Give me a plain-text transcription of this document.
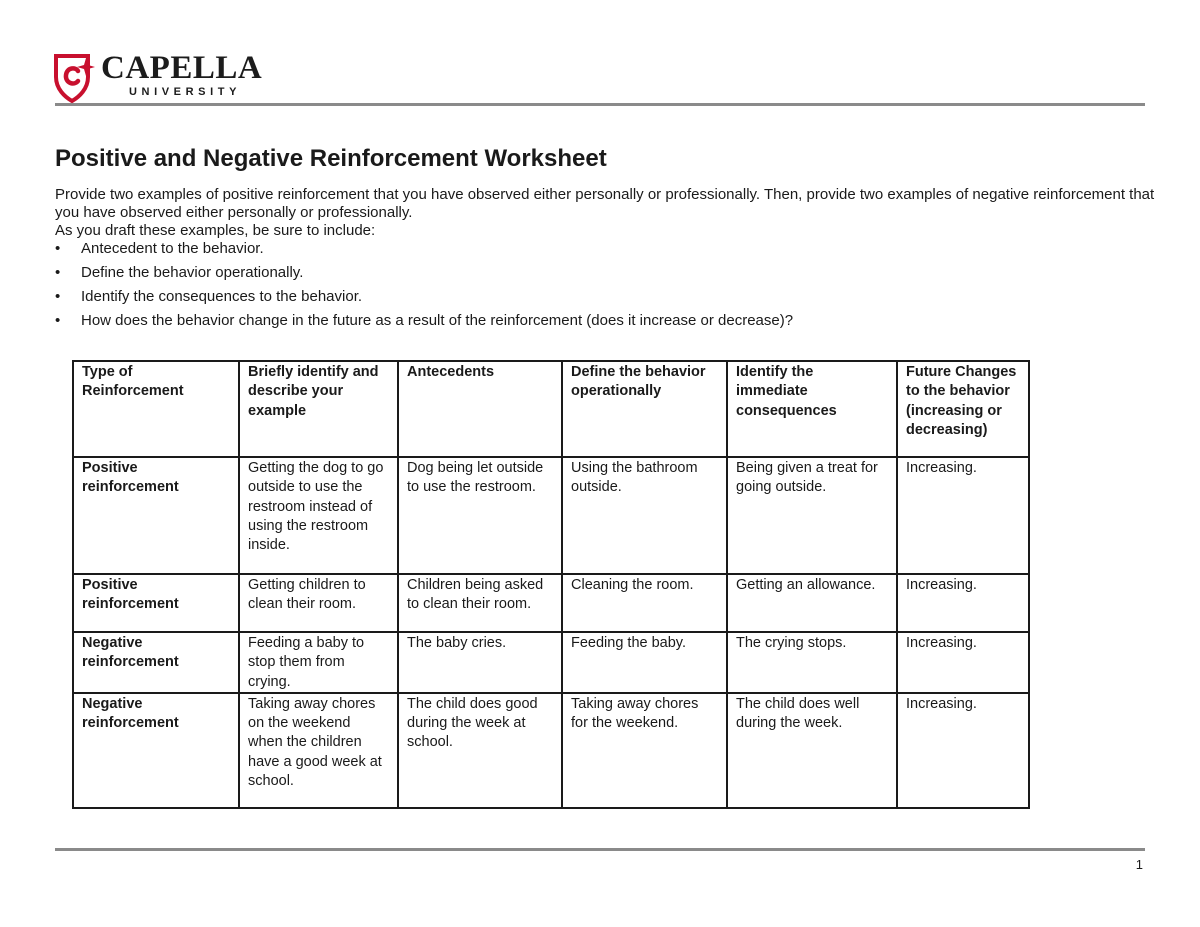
CAPELLA
UNIVERSITY
Positive and Negative Reinforcement Worksheet

Provide two examples of positive reinforcement that you have observed either personally or professionally. Then, provide two examples of negative reinforcement that you have observed either personally or professionally.

As you draft these examples, be sure to include:

• Antecedent to the behavior.
• Define the behavior operationally.
• Identify the consequences to the behavior.
• How does the behavior change in the future as a result of the reinforcement (does it increase or decrease)?
Type of Reinforcement	Briefly identify and describe your example	Antecedents	Define the behavior operationally	Identify the immediate consequences	Future Changes to the behavior (increasing or decreasing)
Positive reinforcement	Getting the dog to go outside to use the restroom instead of using the restroom inside.	Dog being let outside to use the restroom.	Using the bathroom outside.	Being given a treat for going outside.	Increasing.
Positive reinforcement	Getting children to clean their room.	Children being asked to clean their room.	Cleaning the room.	Getting an allowance.	Increasing.
Negative reinforcement	Feeding a baby to stop them from crying.	The baby cries.	Feeding the baby.	The crying stops.	Increasing.
Negative reinforcement	Taking away chores on the weekend when the children have a good week at school.	The child does good during the week at school.	Taking away chores for the weekend.	The child does well during the week.	Increasing.
1
